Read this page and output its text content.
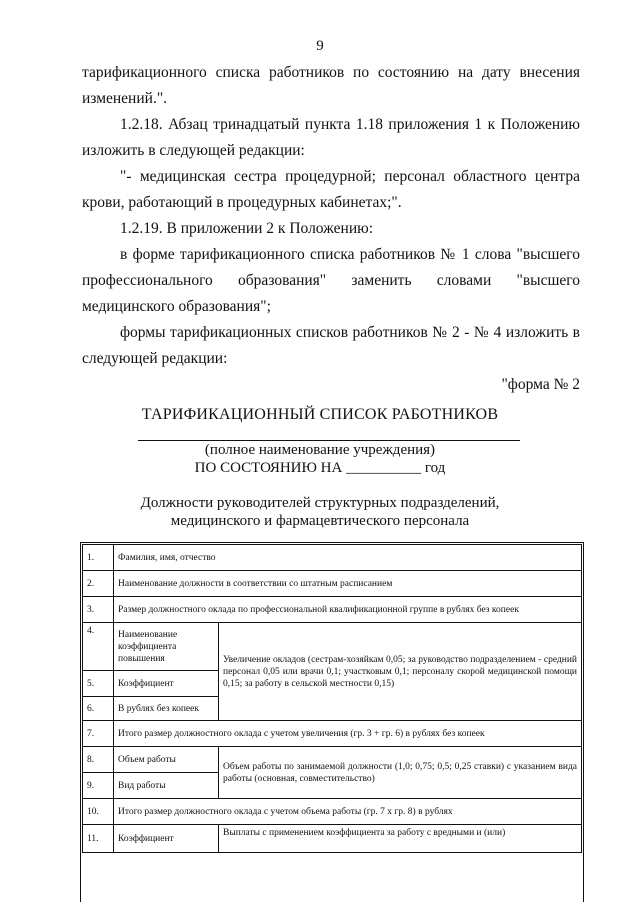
9
тарификационного списка работников по состоянию на дату внесения
изменений.".
1.2.18. Абзац тринадцатый пункта 1.18 приложения 1 к Положению
изложить в следующей редакции:
"- медицинская сестра процедурной; персонал областного центра
крови, работающий в процедурных кабинетах;".
1.2.19. В приложении 2 к Положению:
в форме тарификационного списка работников № 1 слова "высшего
профессионального образования" заменить словами "высшего
медицинского образования";
формы тарификационных списков работников № 2 - № 4 изложить в
следующей редакции:
"форма № 2
ТАРИФИКАЦИОННЫЙ СПИСОК РАБОТНИКОВ
(полное наименование учреждения)
ПО СОСТОЯНИЮ НА __________ год
Должности руководителей структурных подразделений,
медицинского и фармацевтического персонала
1.	Фамилия, имя, отчество	
2.	Наименование должности в соответствии со штатным расписанием	
3.	Размер должностного оклада по профессиональной квалификационной группе в рублях без копеек	
4.	Наименование коэффициента повышения	Увеличение окладов (сестрам-хозяйкам 0,05; за руководство подразделением - средний персонал 0,05 или врачи 0,1; участковым 0,1; персоналу скорой медицинской помощи 0,15; за работу в сельской местности 0,15)
5.	Коэффициент	
6.	В рублях без копеек	
7.	Итого размер должностного оклада с учетом увеличения (гр. 3 + гр. 6) в рублях без копеек	
8.	Объем работы	Объем работы по занимаемой должности (1,0; 0,75; 0,5; 0,25 ставки) с указанием вида работы (основная, совместительство)
9.	Вид работы	
10.	Итого размер должностного оклада с учетом объема работы (гр. 7 х гр. 8) в рублях	
11.	Коэффициент	Выплаты с применением коэффициента за работу с вредными и (или)
